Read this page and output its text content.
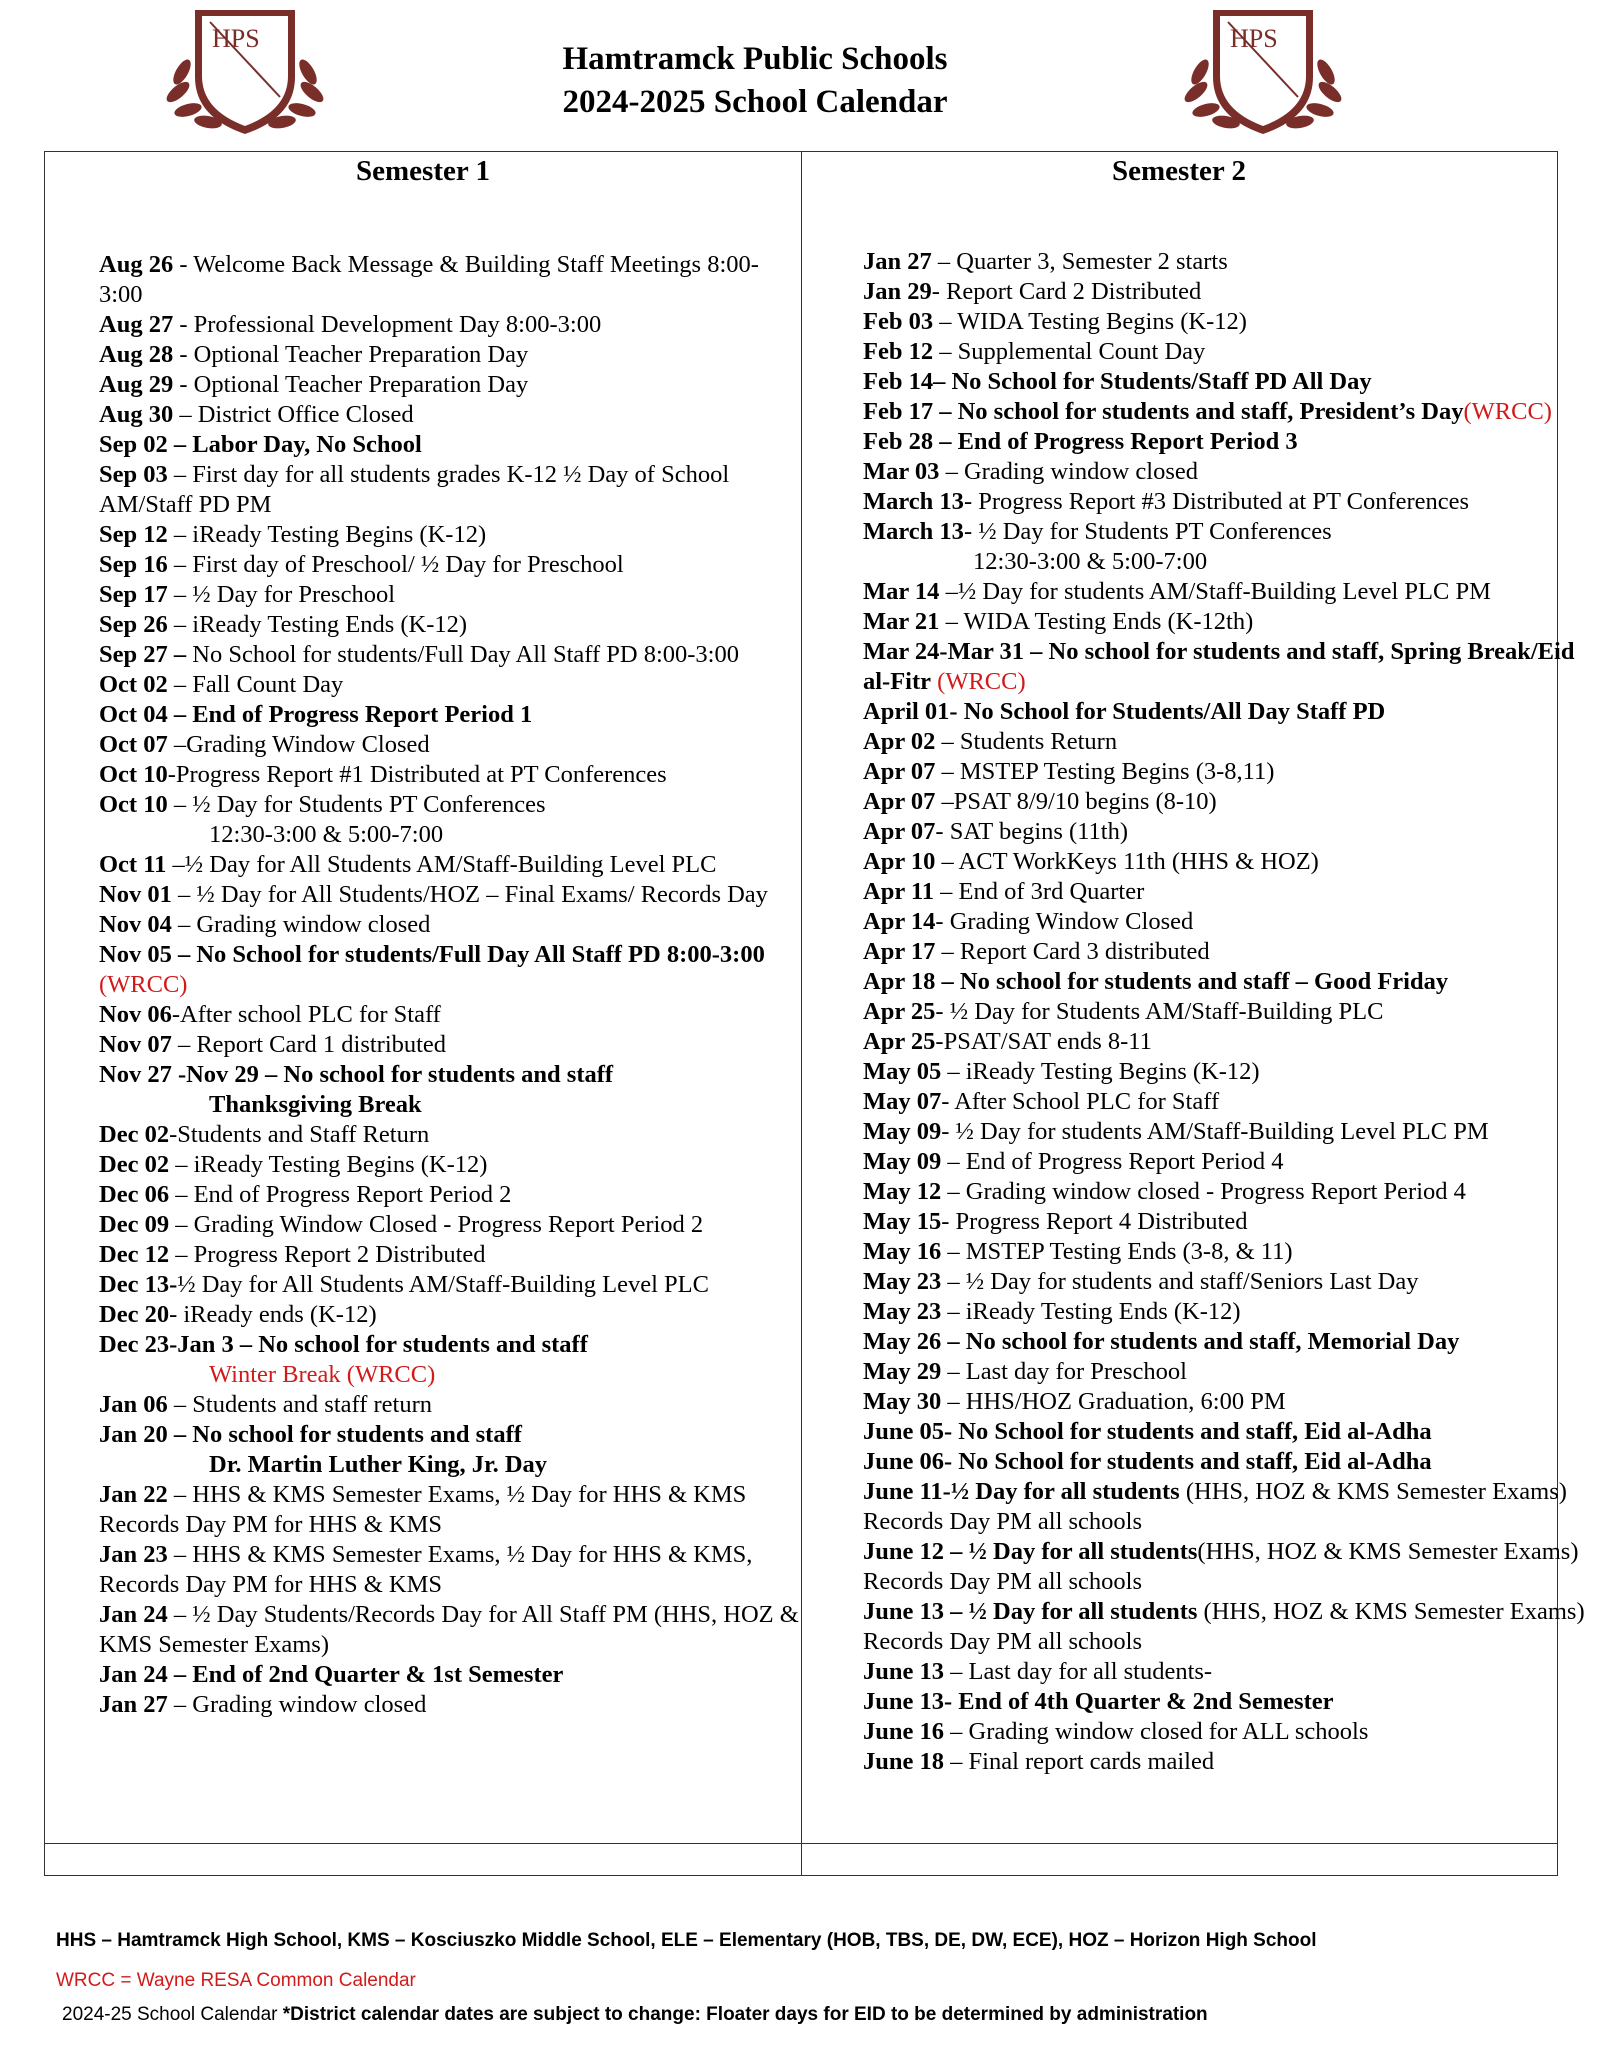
HPS	HPS
Hamtramck Public Schools
2024-2025 School Calendar
Semester 1	Semester 2
Aug 26 - Welcome Back Message & Building Staff Meetings 8:00-3:00
Aug 27 - Professional Development Day 8:00-3:00
Aug 28 - Optional Teacher Preparation Day
Aug 29 - Optional Teacher Preparation Day
Aug 30 – District Office Closed
Sep 02 – Labor Day, No School
Sep 03 – First day for all students grades K-12 ½ Day of School AM/Staff PD PM
Sep 12 – iReady Testing Begins (K-12)
Sep 16 – First day of Preschool/ ½ Day for Preschool
Sep 17 – ½ Day for Preschool
Sep 26 – iReady Testing Ends (K-12)
Sep 27 – No School for students/Full Day All Staff PD 8:00-3:00
Oct 02 – Fall Count Day
Oct 04 – End of Progress Report Period 1
Oct 07 –Grading Window Closed
Oct 10-Progress Report #1 Distributed at PT Conferences
Oct 10 – ½ Day for Students PT Conferences
12:30-3:00 & 5:00-7:00
Oct 11 –½ Day for All Students AM/Staff-Building Level PLC
Nov 01 – ½ Day for All Students/HOZ – Final Exams/ Records Day
Nov 04 – Grading window closed
Nov 05 – No School for students/Full Day All Staff PD 8:00-3:00 (WRCC)
Nov 06-After school PLC for Staff
Nov 07 – Report Card 1 distributed
Nov 27 -Nov 29 – No school for students and staff
Thanksgiving Break
Dec 02-Students and Staff Return
Dec 02 – iReady Testing Begins (K-12)
Dec 06 – End of Progress Report Period 2
Dec 09 – Grading Window Closed - Progress Report Period 2
Dec 12 – Progress Report 2 Distributed
Dec 13-½ Day for All Students AM/Staff-Building Level PLC
Dec 20- iReady ends (K-12)
Dec 23-Jan 3 – No school for students and staff
Winter Break (WRCC)
Jan 06 – Students and staff return
Jan 20 – No school for students and staff
Dr. Martin Luther King, Jr. Day
Jan 22 – HHS & KMS Semester Exams, ½ Day for HHS & KMS Records Day PM for HHS & KMS
Jan 23 – HHS & KMS Semester Exams, ½ Day for HHS & KMS, Records Day PM for HHS & KMS
Jan 24 – ½ Day Students/Records Day for All Staff PM (HHS, HOZ & KMS Semester Exams)
Jan 24 – End of 2nd Quarter & 1st Semester
Jan 27 – Grading window closed
Jan 27 – Quarter 3, Semester 2 starts
Jan 29- Report Card 2 Distributed
Feb 03 – WIDA Testing Begins (K-12)
Feb 12 – Supplemental Count Day
Feb 14– No School for Students/Staff PD All Day
Feb 17 – No school for students and staff, President’s Day(WRCC)
Feb 28 – End of Progress Report Period 3
Mar 03 – Grading window closed
March 13- Progress Report #3 Distributed at PT Conferences
March 13- ½ Day for Students PT Conferences
12:30-3:00 & 5:00-7:00
Mar 14 –½ Day for students AM/Staff-Building Level PLC PM
Mar 21 – WIDA Testing Ends (K-12th)
Mar 24-Mar 31 – No school for students and staff, Spring Break/Eid al-Fitr (WRCC)
April 01- No School for Students/All Day Staff PD
Apr 02 – Students Return
Apr 07 – MSTEP Testing Begins (3-8,11)
Apr 07 –PSAT 8/9/10 begins (8-10)
Apr 07- SAT begins (11th)
Apr 10 – ACT WorkKeys 11th (HHS & HOZ)
Apr 11 – End of 3rd Quarter
Apr 14- Grading Window Closed
Apr 17 – Report Card 3 distributed
Apr 18 – No school for students and staff – Good Friday
Apr 25- ½ Day for Students AM/Staff-Building PLC
Apr 25-PSAT/SAT ends 8-11
May 05 – iReady Testing Begins (K-12)
May 07- After School PLC for Staff
May 09- ½ Day for students AM/Staff-Building Level PLC PM
May 09 – End of Progress Report Period 4
May 12 – Grading window closed - Progress Report Period 4
May 15- Progress Report 4 Distributed
May 16 – MSTEP Testing Ends (3-8, & 11)
May 23 – ½ Day for students and staff/Seniors Last Day
May 23 – iReady Testing Ends (K-12)
May 26 – No school for students and staff, Memorial Day
May 29 – Last day for Preschool
May 30 – HHS/HOZ Graduation, 6:00 PM
June 05- No School for students and staff, Eid al-Adha
June 06- No School for students and staff, Eid al-Adha
June 11-½ Day for all students (HHS, HOZ & KMS Semester Exams) Records Day PM all schools
June 12 – ½ Day for all students(HHS, HOZ & KMS Semester Exams) Records Day PM all schools
June 13 – ½ Day for all students (HHS, HOZ & KMS Semester Exams) Records Day PM all schools
June 13 – Last day for all students-
June 13- End of 4th Quarter & 2nd Semester
June 16 – Grading window closed for ALL schools
June 18 – Final report cards mailed
HHS – Hamtramck High School, KMS – Kosciuszko Middle School, ELE – Elementary (HOB, TBS, DE, DW, ECE), HOZ – Horizon High School
WRCC = Wayne RESA Common Calendar
2024-25 School Calendar *District calendar dates are subject to change: Floater days for EID to be determined by administration
